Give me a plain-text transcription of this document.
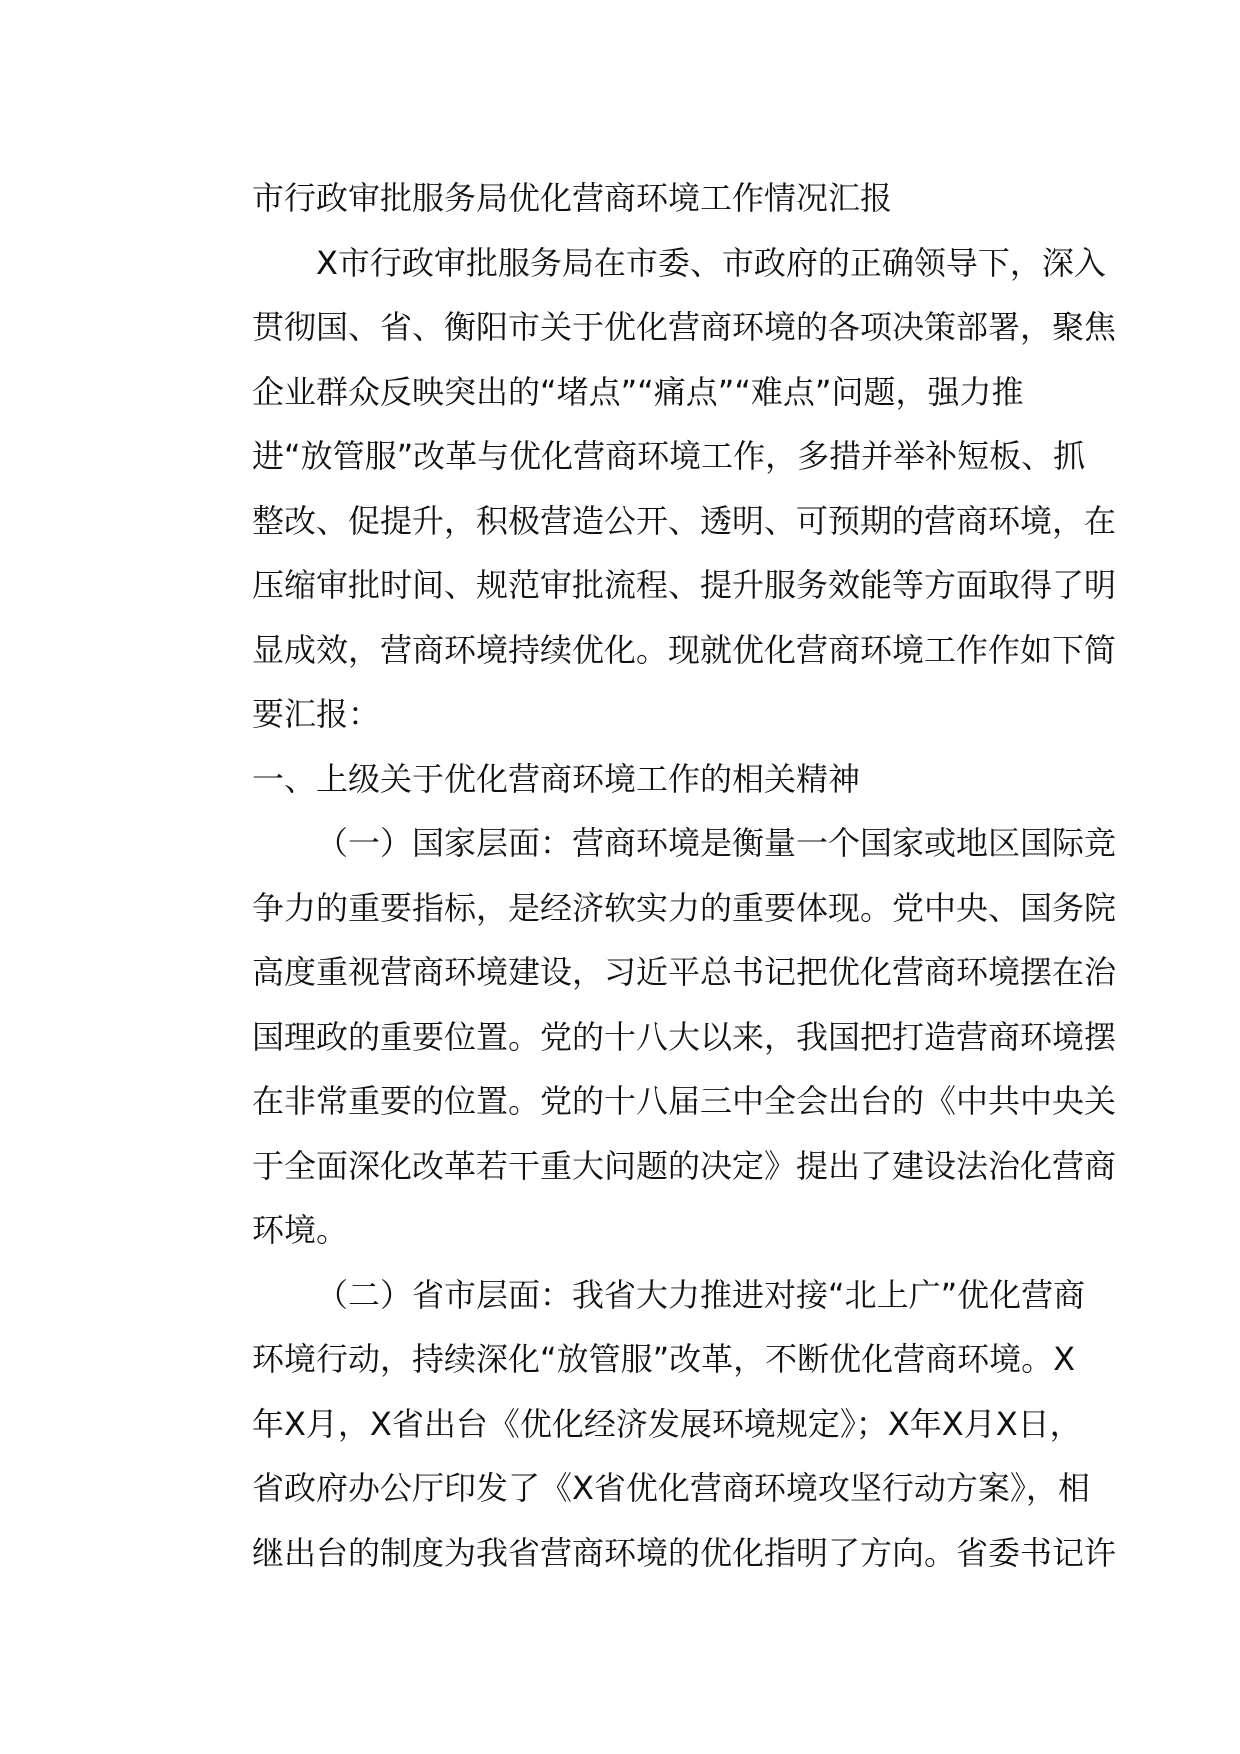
市行政审批服务局优化营商环境工作情况汇报
X市行政审批服务局在市委、市政府的正确领导下，深入
贯彻国、省、衡阳市关于优化营商环境的各项决策部署，聚焦
企业群众反映突出的“堵点”“痛点”“难点”问题，强力推
进“放管服”改革与优化营商环境工作，多措并举补短板、抓
整改、促提升，积极营造公开、透明、可预期的营商环境，在
压缩审批时间、规范审批流程、提升服务效能等方面取得了明
显成效，营商环境持续优化。现就优化营商环境工作作如下简
要汇报：
一、上级关于优化营商环境工作的相关精神
（一）国家层面：营商环境是衡量一个国家或地区国际竞
争力的重要指标，是经济软实力的重要体现。党中央、国务院
高度重视营商环境建设，习近平总书记把优化营商环境摆在治
国理政的重要位置。党的十八大以来，我国把打造营商环境摆
在非常重要的位置。党的十八届三中全会出台的《中共中央关
于全面深化改革若干重大问题的决定》提出了建设法治化营商
环境。
（二）省市层面：我省大力推进对接“北上广”优化营商
环境行动，持续深化“放管服”改革，不断优化营商环境。X
年X月，X省出台《优化经济发展环境规定》；X年X月X日，
省政府办公厅印发了《X省优化营商环境攻坚行动方案》，相
继出台的制度为我省营商环境的优化指明了方向。省委书记许
